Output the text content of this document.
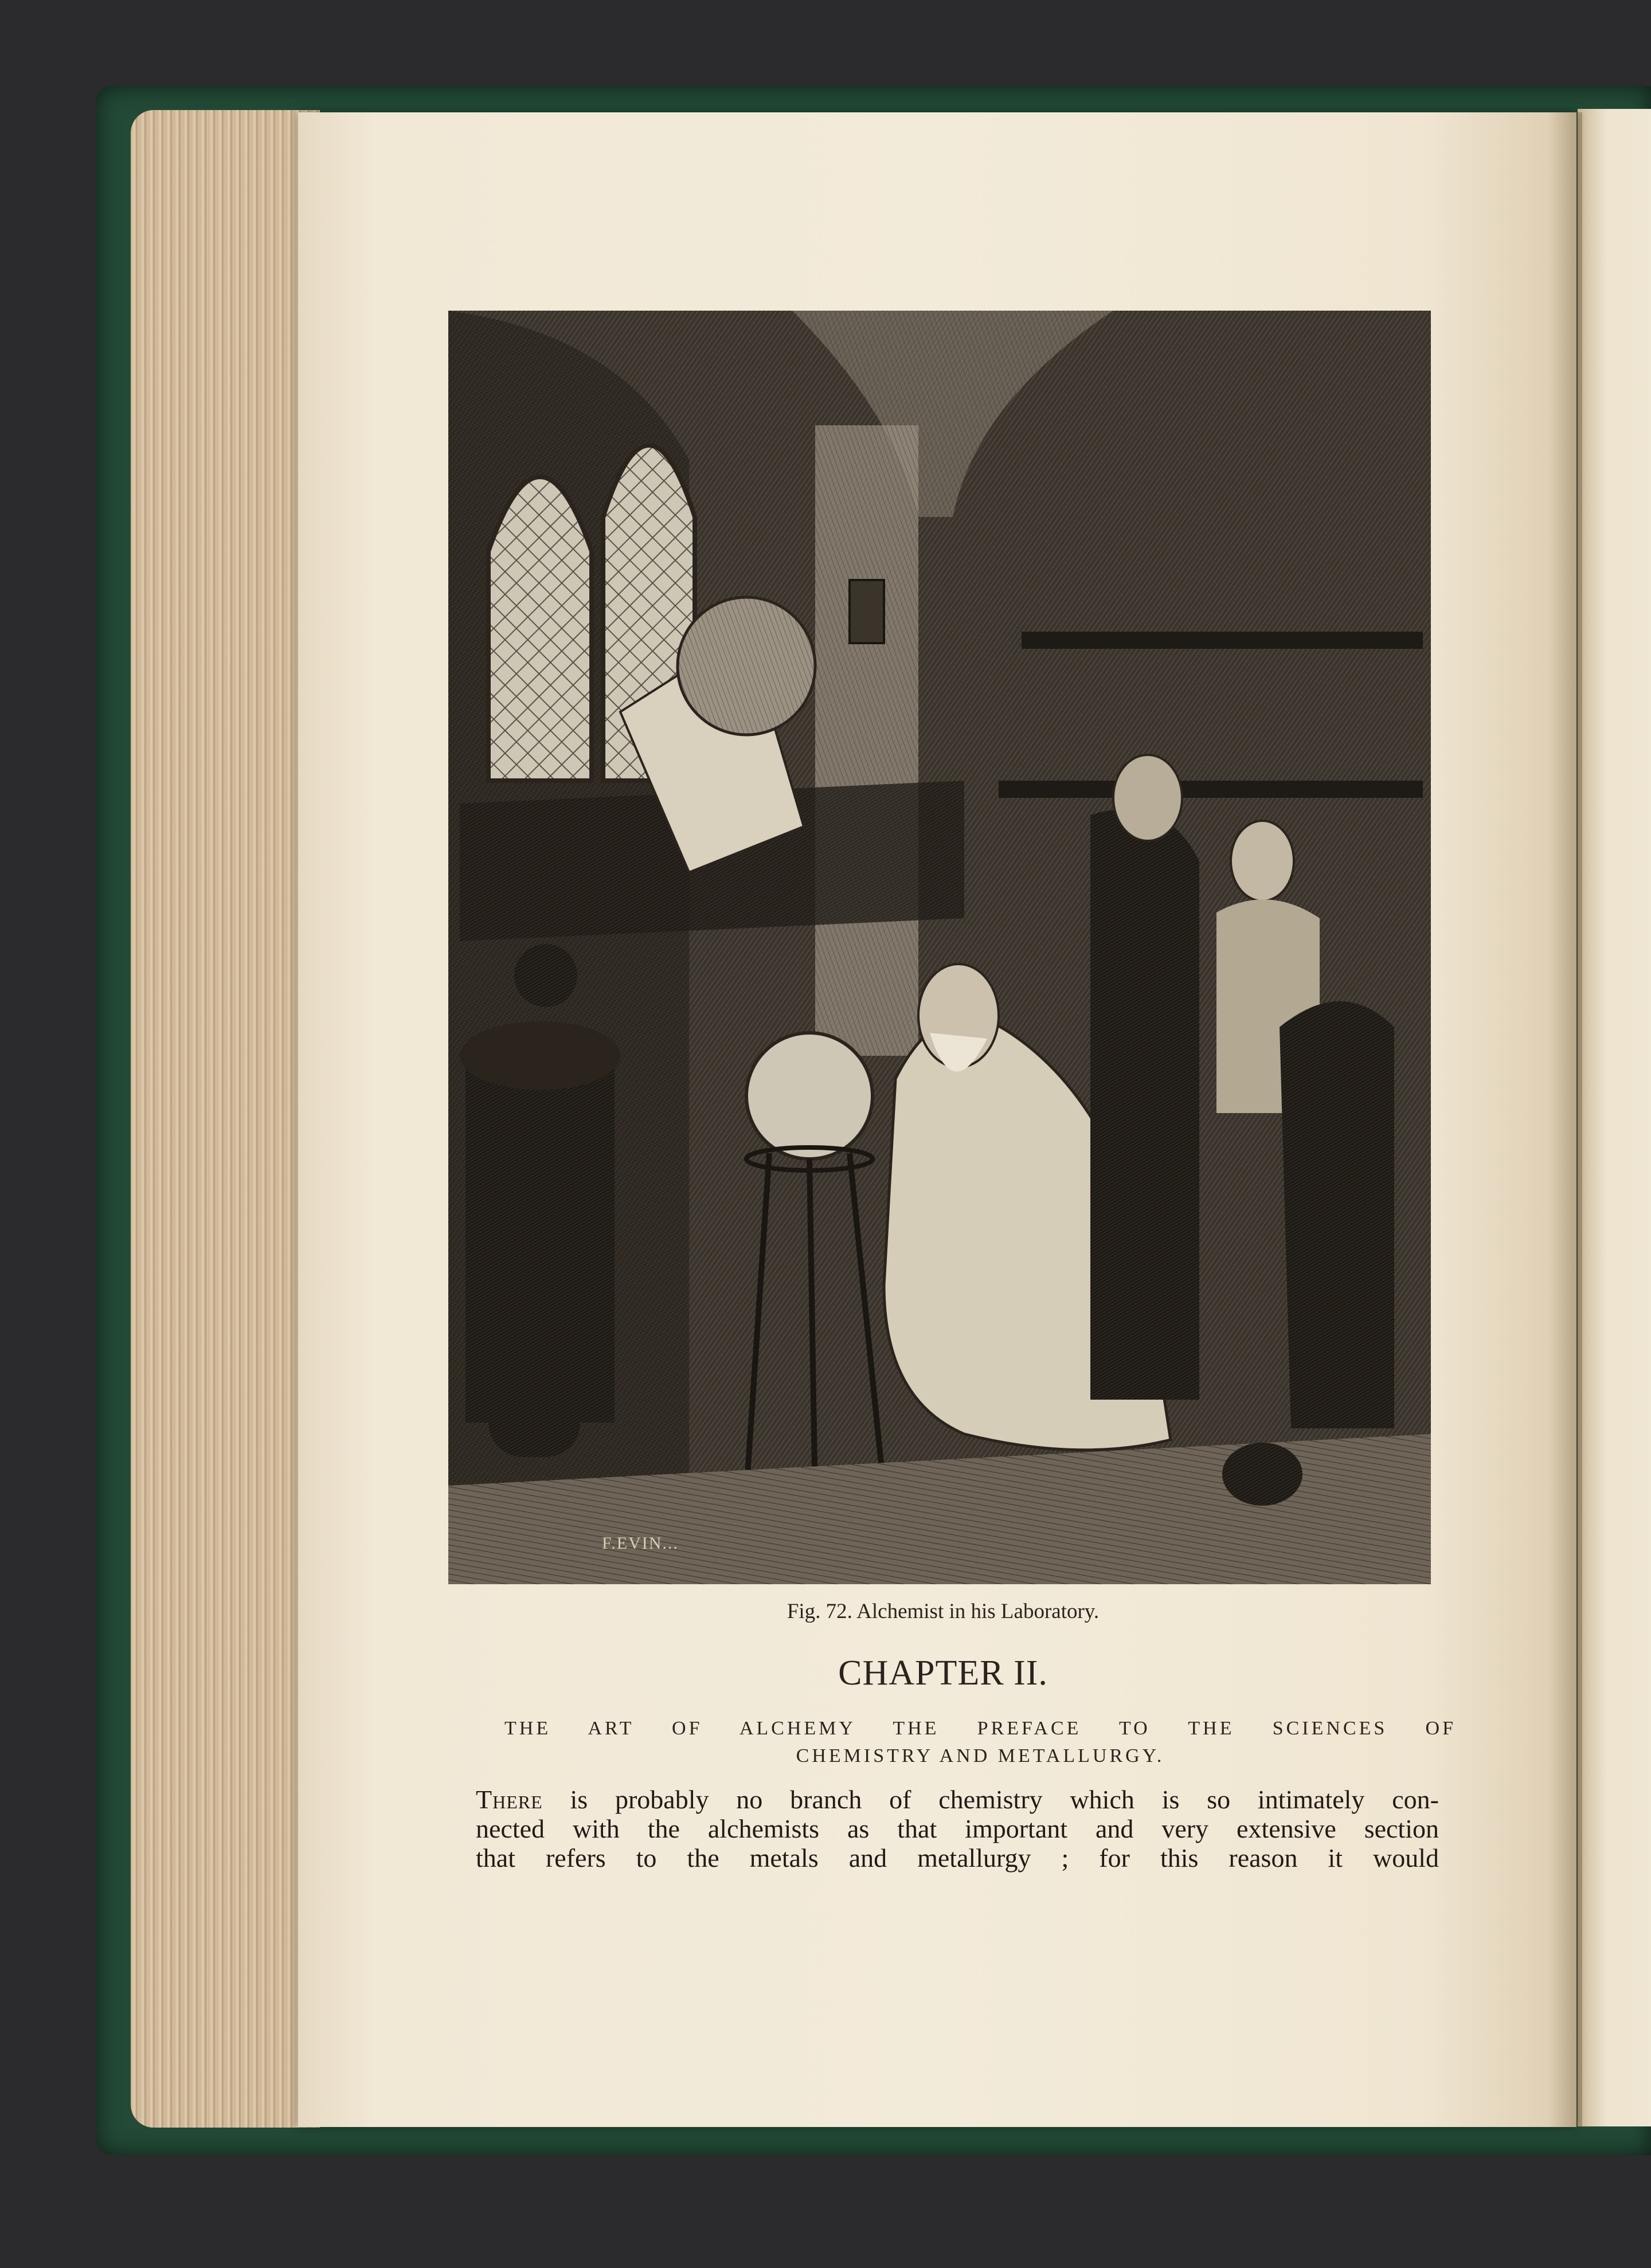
F.EVIN...
Fig. 72. Alchemist in his Laboratory.
CHAPTER II.
THE ART OF ALCHEMY THE PREFACE TO THE SCIENCES OF
CHEMISTRY AND METALLURGY.
There is probably no branch of chemistry which is so intimately con-
nected with the alchemists as that important and very extensive section
that refers to the metals and metallurgy ; for this reason it would
